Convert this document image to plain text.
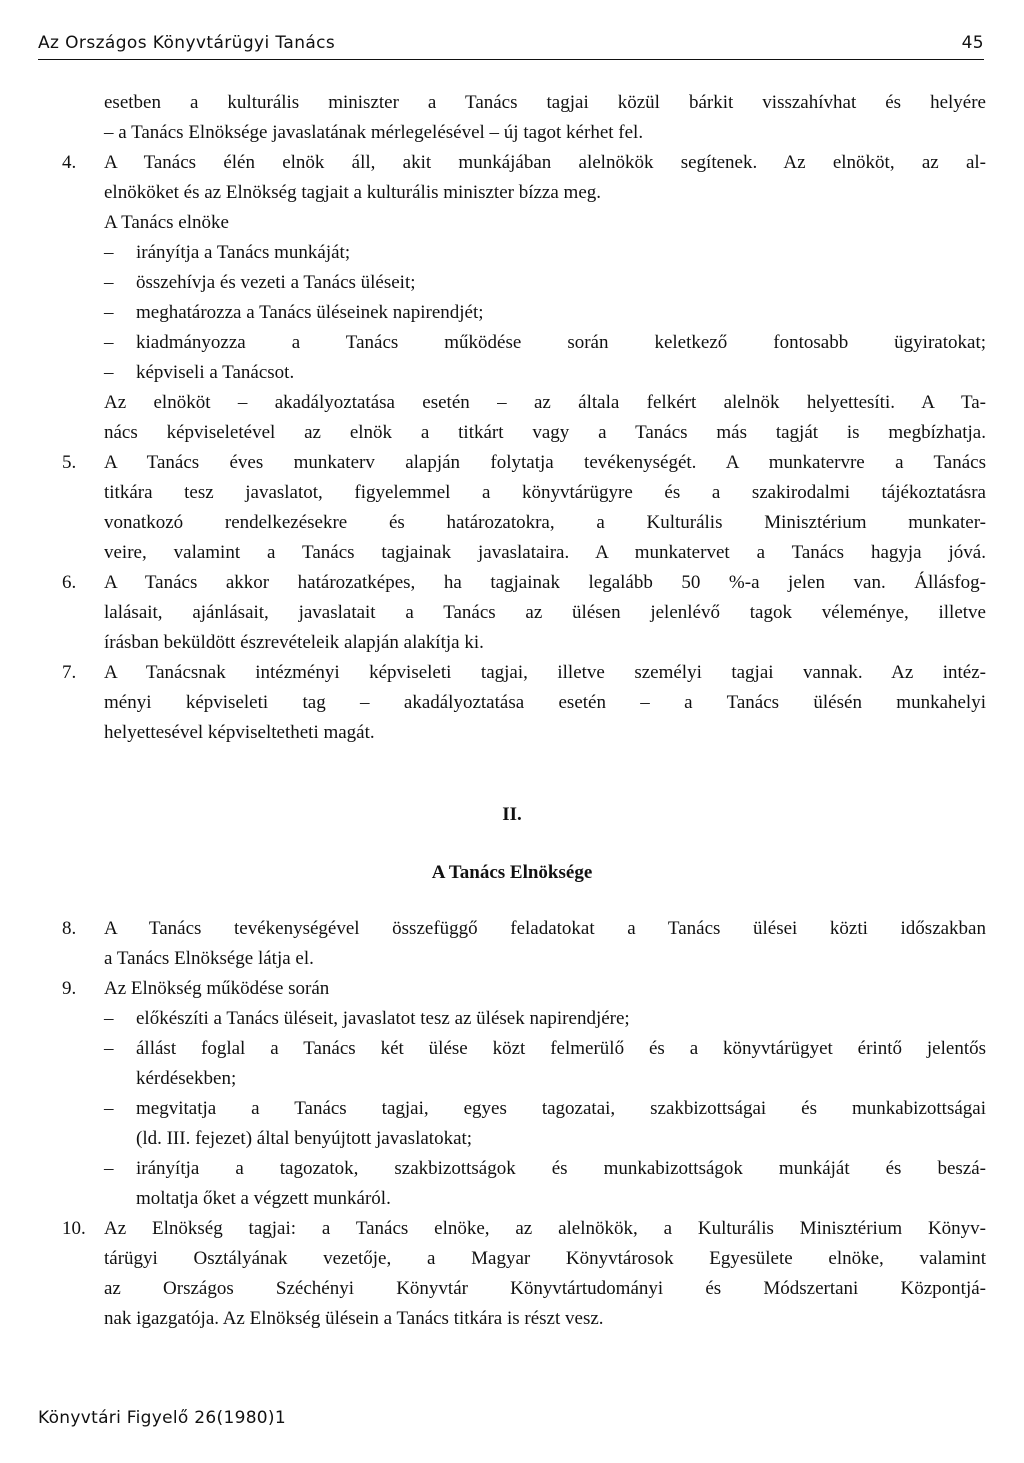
Az Országos Könyvtárügyi Tanács	45
esetben a kulturális miniszter a Tanács tagjai közül bárkit visszahívhat és helyére
– a Tanács Elnöksége javaslatának mérlegelésével – új tagot kérhet fel.
4.	A Tanács élén elnök áll, akit munkájában alelnökök segítenek. Az elnököt, az al-
elnököket és az Elnökség tagjait a kulturális miniszter bízza meg.
A Tanács elnöke
–	irányítja a Tanács munkáját;
–	összehívja és vezeti a Tanács üléseit;
–	meghatározza a Tanács üléseinek napirendjét;
–	kiadmányozza a Tanács működése során keletkező fontosabb ügyiratokat;
–	képviseli a Tanácsot.
Az elnököt – akadályoztatása esetén – az általa felkért alelnök helyettesíti. A Ta-
nács képviseletével az elnök a titkárt vagy a Tanács más tagját is megbízhatja.
5.	A Tanács éves munkaterv alapján folytatja tevékenységét. A munkatervre a Tanács
titkára tesz javaslatot, figyelemmel a könyvtárügyre és a szakirodalmi tájékoztatásra
vonatkozó rendelkezésekre és határozatokra, a Kulturális Minisztérium munkater-
veire, valamint a Tanács tagjainak javaslataira. A munkatervet a Tanács hagyja jóvá.
6.	A Tanács akkor határozatképes, ha tagjainak legalább 50 %-a jelen van. Állásfog-
lalásait, ajánlásait, javaslatait a Tanács az ülésen jelenlévő tagok véleménye, illetve
írásban beküldött észrevételeik alapján alakítja ki.
7.	A Tanácsnak intézményi képviseleti tagjai, illetve személyi tagjai vannak. Az intéz-
ményi képviseleti tag – akadályoztatása esetén – a Tanács ülésén munkahelyi
helyettesével képviseltetheti magát.
II.
A Tanács Elnöksége
8.	A Tanács tevékenységével összefüggő feladatokat a Tanács ülései közti időszakban
a Tanács Elnöksége látja el.
9.	Az Elnökség működése során
–	előkészíti a Tanács üléseit, javaslatot tesz az ülések napirendjére;
–	állást foglal a Tanács két ülése közt felmerülő és a könyvtárügyet érintő jelentős
kérdésekben;
–	megvitatja a Tanács tagjai, egyes tagozatai, szakbizottságai és munkabizottságai
(ld. III. fejezet) által benyújtott javaslatokat;
–	irányítja a tagozatok, szakbizottságok és munkabizottságok munkáját és beszá-
moltatja őket a végzett munkáról.
10. Az Elnökség tagjai: a Tanács elnöke, az alelnökök, a Kulturális Minisztérium Könyv-
tárügyi Osztályának vezetője, a Magyar Könyvtárosok Egyesülete elnöke, valamint
az Országos Széchényi Könyvtár Könyvtártudományi és Módszertani Központjá-
nak igazgatója. Az Elnökség ülésein a Tanács titkára is részt vesz.
Könyvtári Figyelő 26(1980)1
